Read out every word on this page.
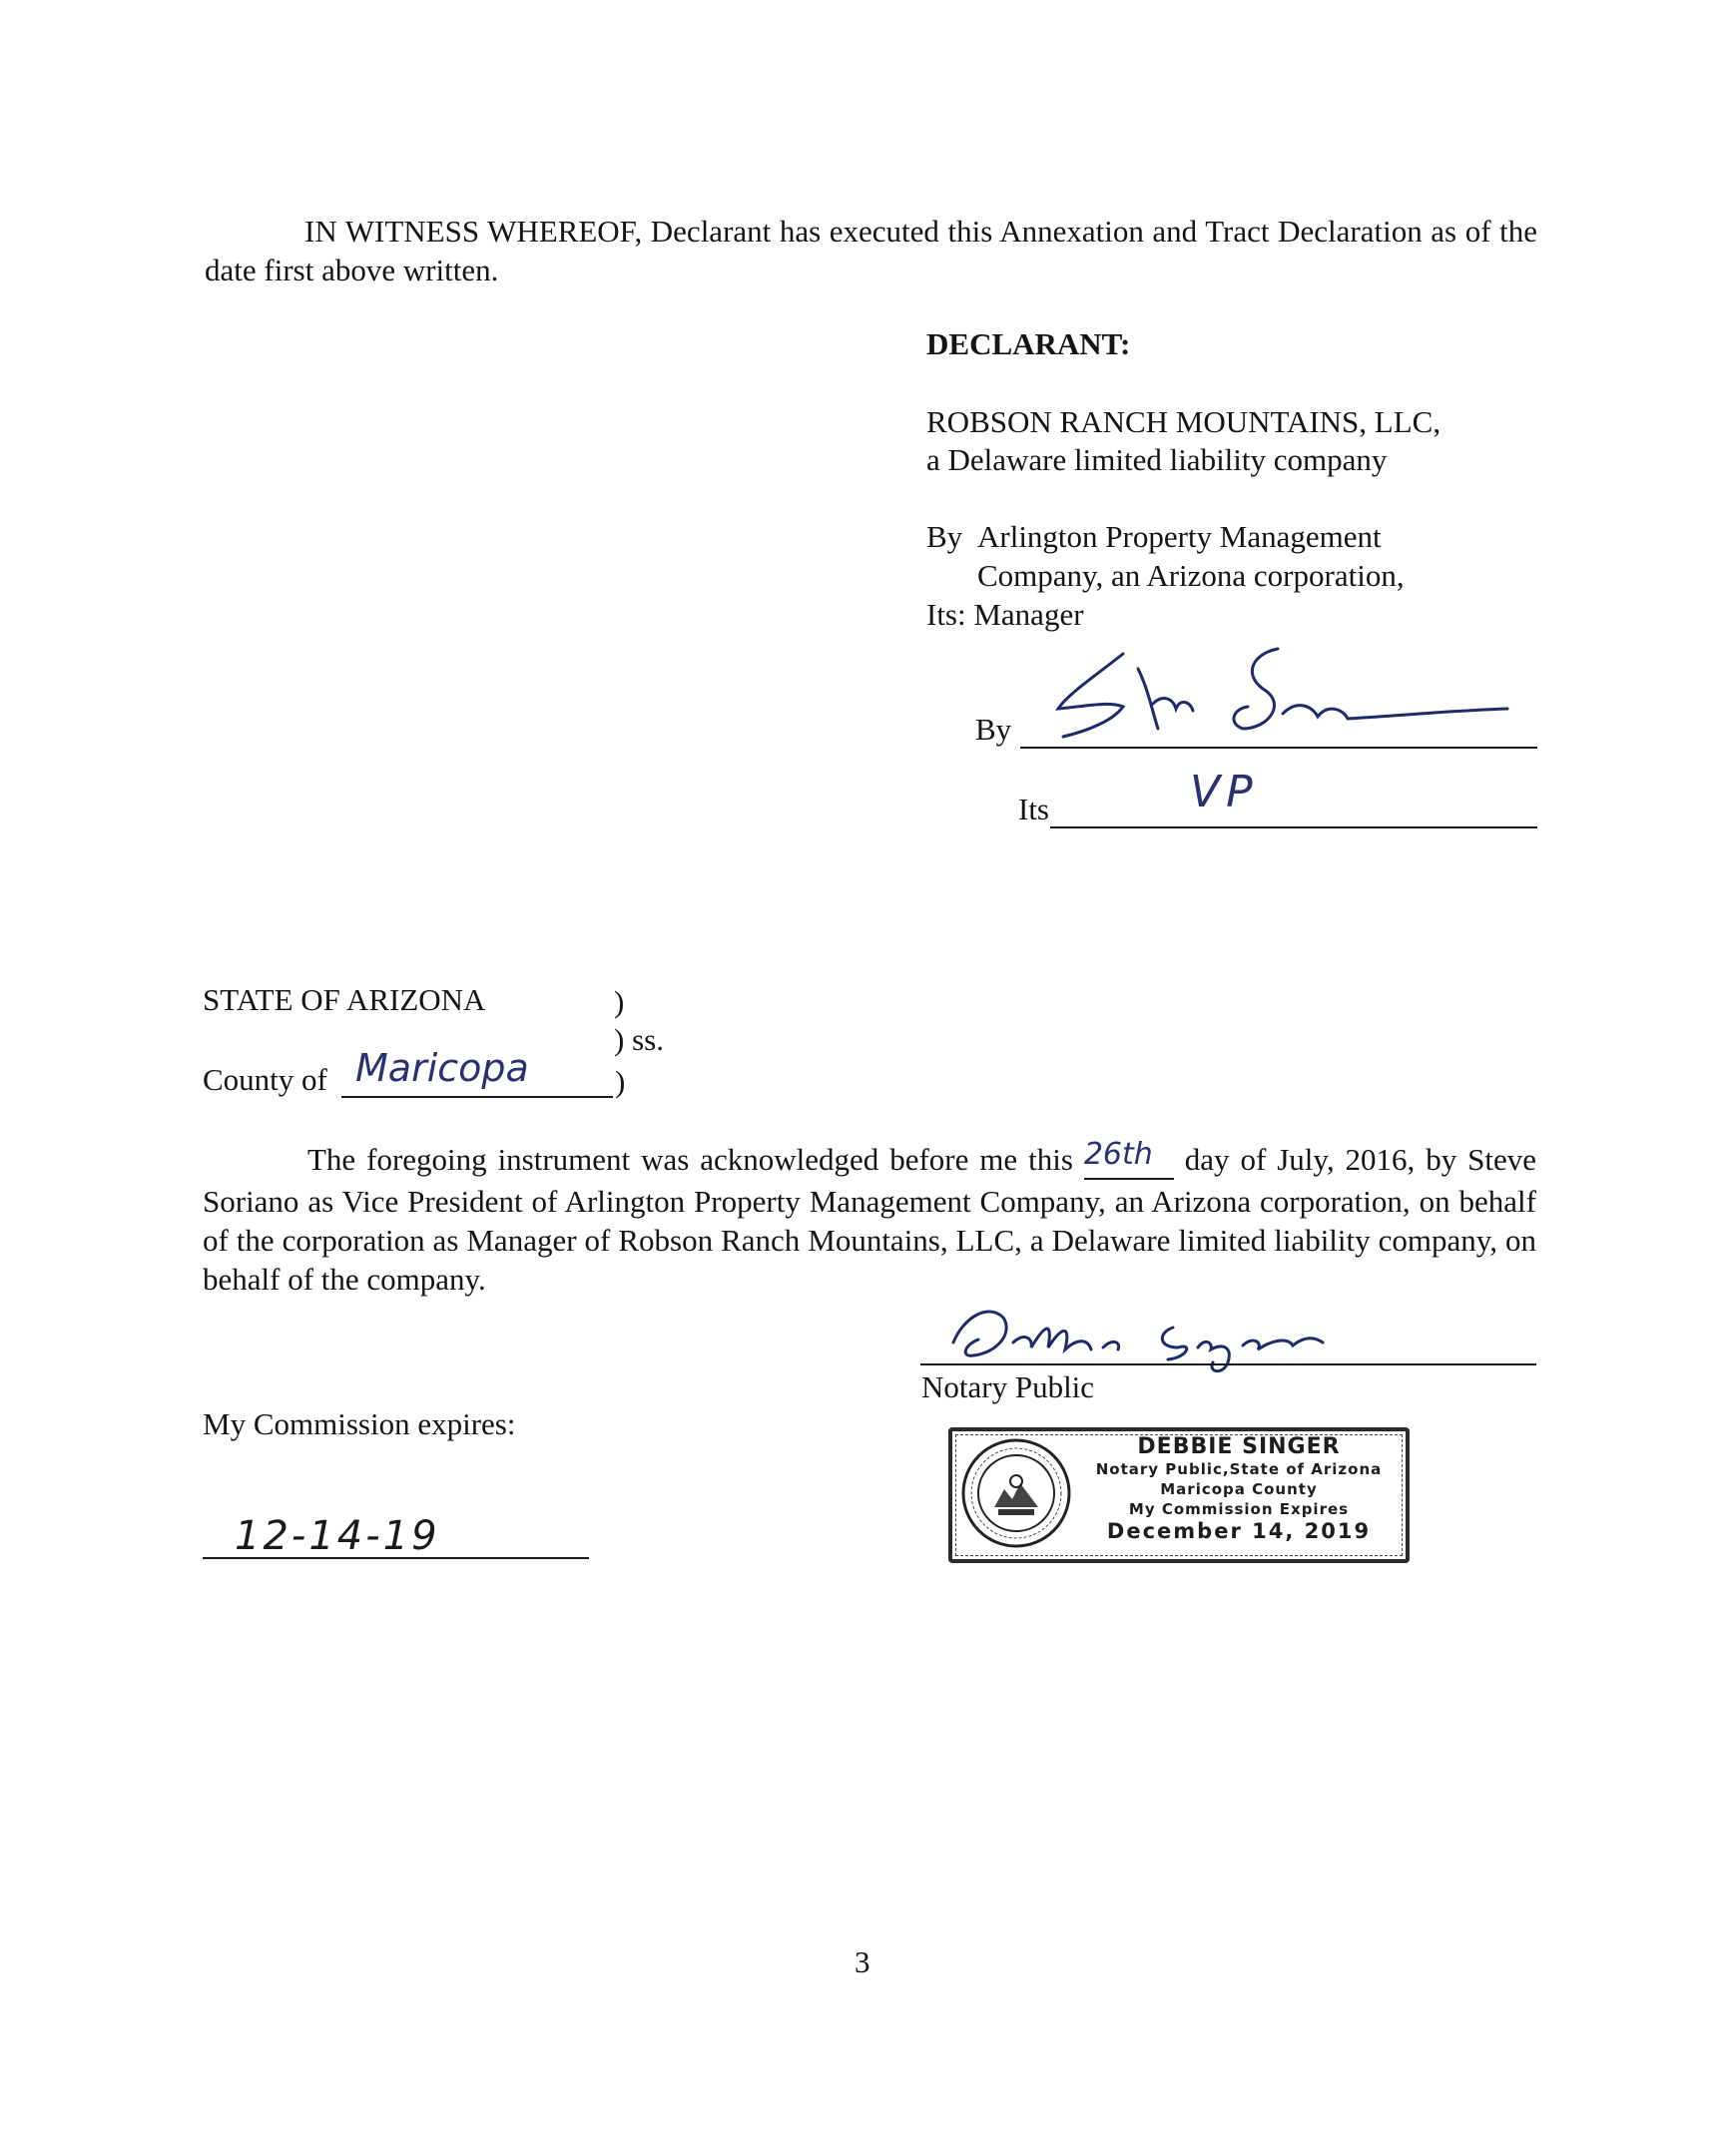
IN WITNESS WHEREOF, Declarant has executed this Annexation and Tract Declaration as of the date first above written.
DECLARANT:
ROBSON RANCH MOUNTAINS, LLC,
a Delaware limited liability company
By Arlington Property Management
Company, an Arizona corporation,
Its: Manager
By
Its	VP
STATE OF ARIZONA	)
) ss.
County of Maricopa	)
The foregoing instrument was acknowledged before me this 26th day of July, 2016, by Steve Soriano as Vice President of Arlington Property Management Company, an Arizona corporation, on behalf of the corporation as Manager of Robson Ranch Mountains, LLC, a Delaware limited liability company, on behalf of the company.
Notary Public
My Commission expires:
12-14-19
DEBBIE SINGER
Notary Public,State of Arizona
Maricopa County
My Commission Expires
December 14, 2019
3
